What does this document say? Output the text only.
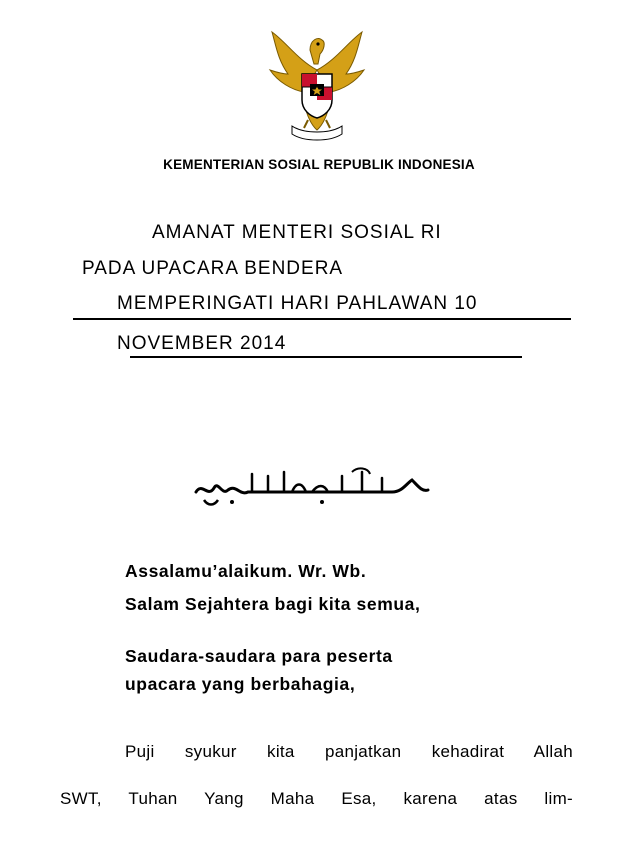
KEMENTERIAN SOSIAL REPUBLIK INDONESIA
AMANAT MENTERI SOSIAL RI
PADA UPACARA BENDERA
MEMPERINGATI HARI PAHLAWAN 10
NOVEMBER 2014
Assalamu’alaikum. Wr. Wb.
Salam Sejahtera bagi kita semua,
Saudara-saudara para peserta
upacara yang berbahagia,
Puji syukur kita panjatkan kehadirat Allah
SWT, Tuhan Yang Maha Esa, karena atas lim-
